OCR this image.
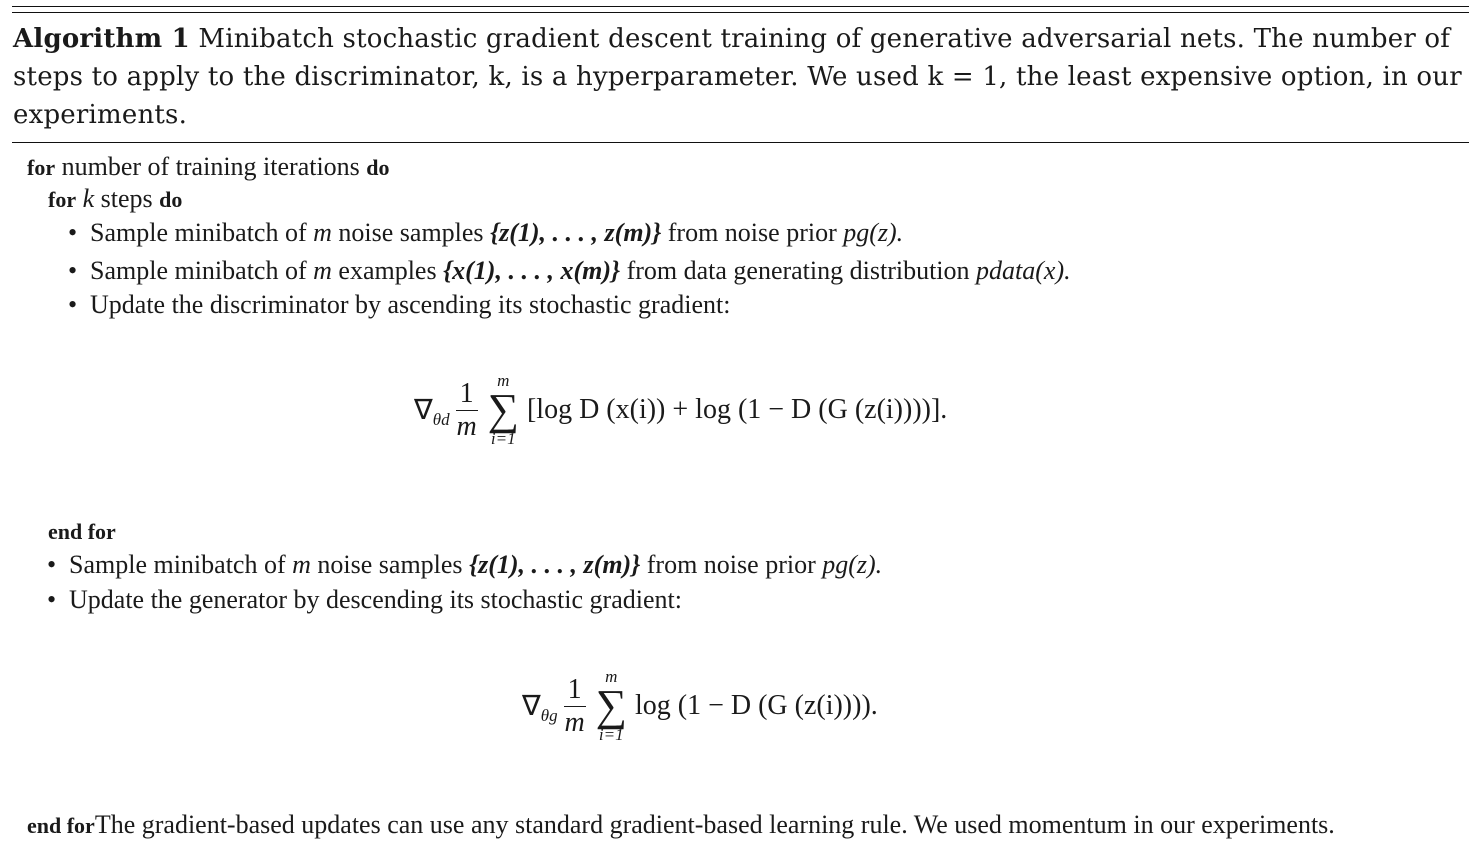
Algorithm 1 Minibatch stochastic gradient descent training of generative adversarial nets. The number of steps to apply to the discriminator, k, is a hyperparameter. We used k = 1, the least expensive option, in our experiments.
for number of training iterations do
for k steps do
• Sample minibatch of m noise samples {z(1), . . . , z(m)} from noise prior pg(z).
• Sample minibatch of m examples {x(1), . . . , x(m)} from data generating distribution pdata(x).
• Update the discriminator by ascending its stochastic gradient:
∇ θd $\frac{1}{m}$ m
∑
i=1
[log D (x(i)) + log (1 − D (G (z(i))))].
end for
• Sample minibatch of m noise samples {z(1), . . . , z(m)} from noise prior pg(z).
• Update the generator by descending its stochastic gradient:
∇ θg $\frac{1}{m}$ m
∑
i=1
log (1 − D (G (z(i)))).
end forThe gradient-based updates can use any standard gradient-based learning rule. We used momentum in our experiments.
